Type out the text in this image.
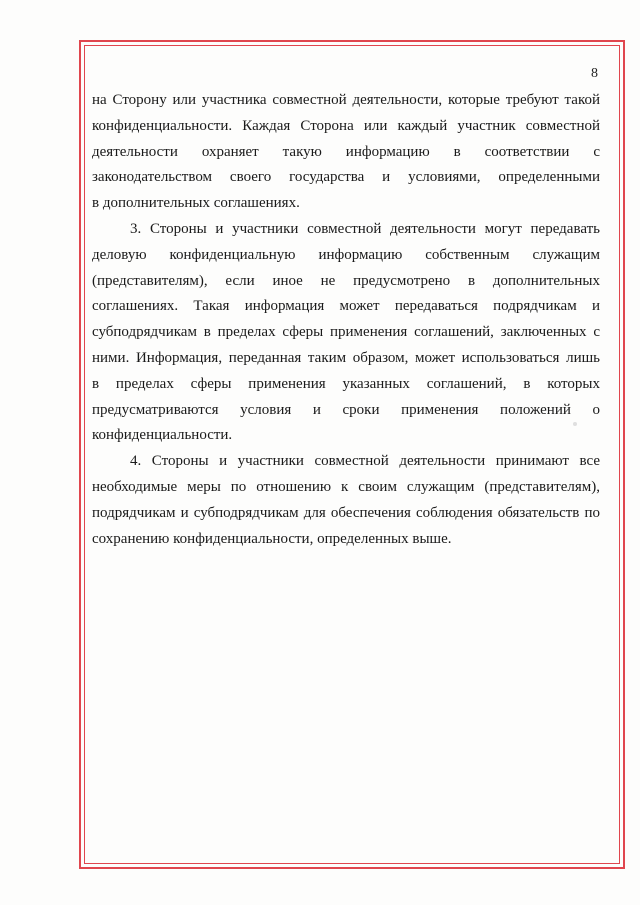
8
на Сторону или участника совместной деятельности, которые требуют такой
конфиденциальности. Каждая Сторона или каждый участник совместной
деятельности охраняет такую информацию в соответствии с
законодательством своего государства и условиями, определенными
в дополнительных соглашениях.
3. Стороны и участники совместной деятельности могут передавать
деловую конфиденциальную информацию собственным служащим
(представителям), если иное не предусмотрено в дополнительных
соглашениях. Такая информация может передаваться подрядчикам и
субподрядчикам в пределах сферы применения соглашений, заключенных с
ними. Информация, переданная таким образом, может использоваться лишь
в пределах сферы применения указанных соглашений, в которых
предусматриваются условия и сроки применения положений о
конфиденциальности.
4. Стороны и участники совместной деятельности принимают все
необходимые меры по отношению к своим служащим (представителям),
подрядчикам и субподрядчикам для обеспечения соблюдения обязательств по
сохранению конфиденциальности, определенных выше.
